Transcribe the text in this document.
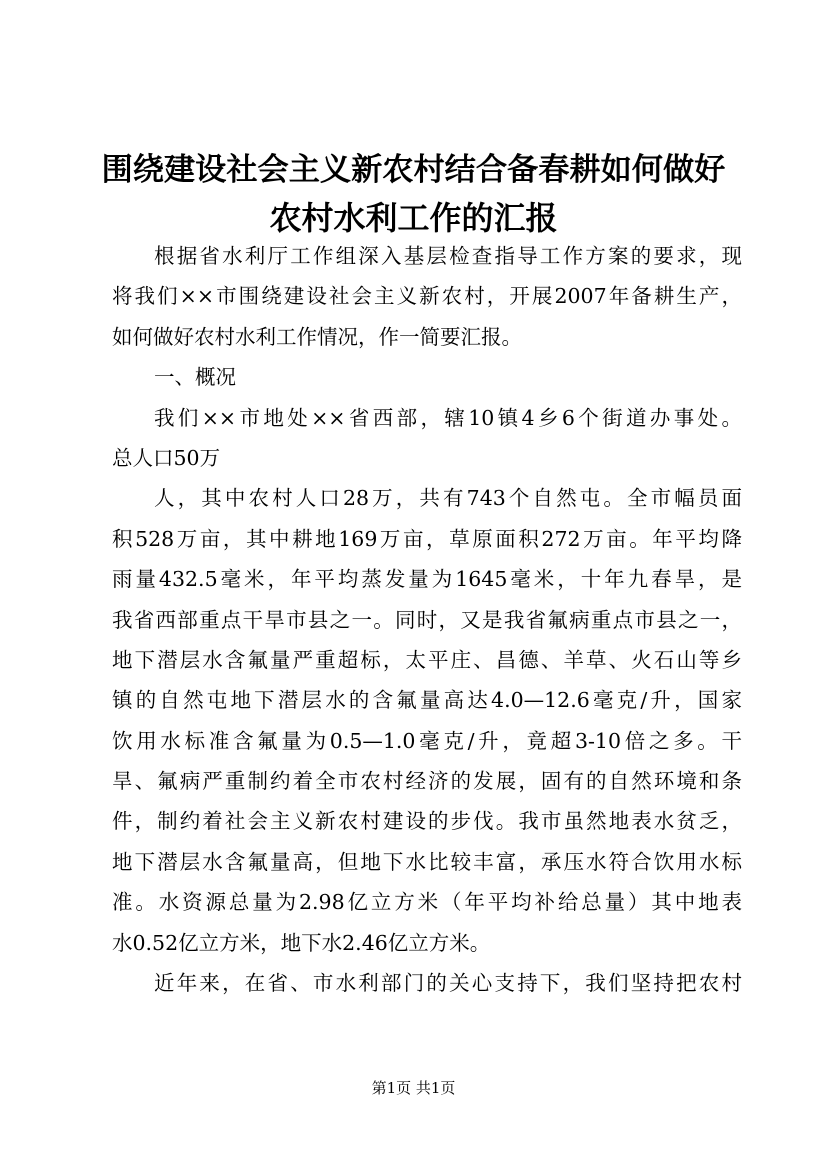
围绕建设社会主义新农村结合备春耕如何做好
农村水利工作的汇报
根据省水利厅工作组深入基层检查指导工作方案的要求，现
将我们××市围绕建设社会主义新农村，开展2007年备耕生产，
如何做好农村水利工作情况，作一简要汇报。
一、概况
我们××市地处××省西部，辖10镇4乡6个街道办事处。
总人口50万
人，其中农村人口28万，共有743个自然屯。全市幅员面
积528万亩，其中耕地169万亩，草原面积272万亩。年平均降
雨量432.5毫米，年平均蒸发量为1645毫米，十年九春旱，是
我省西部重点干旱市县之一。同时，又是我省氟病重点市县之一，
地下潜层水含氟量严重超标，太平庄、昌德、羊草、火石山等乡
镇的自然屯地下潜层水的含氟量高达4.0—12.6毫克/升，国家
饮用水标准含氟量为0.5—1.0毫克/升，竟超3-10倍之多。干
旱、氟病严重制约着全市农村经济的发展，固有的自然环境和条
件，制约着社会主义新农村建设的步伐。我市虽然地表水贫乏，
地下潜层水含氟量高，但地下水比较丰富，承压水符合饮用水标
准。水资源总量为2.98亿立方米（年平均补给总量）其中地表
水0.52亿立方米，地下水2.46亿立方米。
近年来，在省、市水利部门的关心支持下，我们坚持把农村
第1页 共1页
